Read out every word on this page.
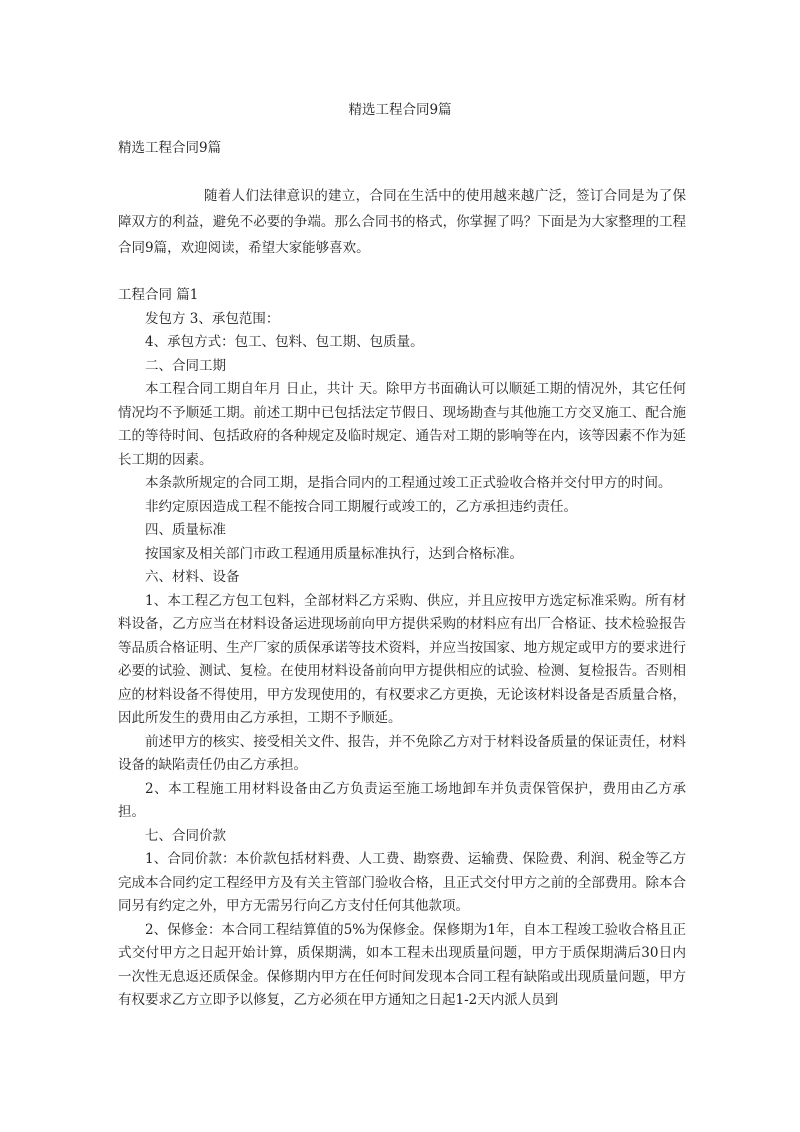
精选工程合同9篇
精选工程合同9篇
随着人们法律意识的建立，合同在生活中的使用越来越广泛，签订合同是为了保障双方的利益，避免不必要的争端。那么合同书的格式，你掌握了吗？下面是为大家整理的工程合同9篇，欢迎阅读，希望大家能够喜欢。

工程合同 篇1

发包方 3、承包范围：

4、承包方式：包工、包料、包工期、包质量。

二、合同工期

本工程合同工期自年月 日止，共计 天。除甲方书面确认可以顺延工期的情况外，其它任何情况均不予顺延工期。前述工期中已包括法定节假日、现场勘查与其他施工方交叉施工、配合施工的等待时间、包括政府的各种规定及临时规定、通告对工期的影响等在内，该等因素不作为延长工期的因素。

本条款所规定的合同工期，是指合同内的工程通过竣工正式验收合格并交付甲方的时间。

非约定原因造成工程不能按合同工期履行或竣工的，乙方承担违约责任。

四、质量标准

按国家及相关部门市政工程通用质量标准执行，达到合格标准。

六、材料、设备

1、本工程乙方包工包料，全部材料乙方采购、供应，并且应按甲方选定标准采购。所有材料设备，乙方应当在材料设备运进现场前向甲方提供采购的材料应有出厂合格证、技术检验报告等品质合格证明、生产厂家的质保承诺等技术资料，并应当按国家、地方规定或甲方的要求进行必要的试验、测试、复检。在使用材料设备前向甲方提供相应的试验、检测、复检报告。否则相应的材料设备不得使用，甲方发现使用的，有权要求乙方更换，无论该材料设备是否质量合格，因此所发生的费用由乙方承担，工期不予顺延。

前述甲方的核实、接受相关文件、报告，并不免除乙方对于材料设备质量的保证责任，材料设备的缺陷责任仍由乙方承担。

2、本工程施工用材料设备由乙方负责运至施工场地卸车并负责保管保护，费用由乙方承担。

七、合同价款

1、合同价款：本价款包括材料费、人工费、勘察费、运输费、保险费、利润、税金等乙方完成本合同约定工程经甲方及有关主管部门验收合格，且正式交付甲方之前的全部费用。除本合同另有约定之外，甲方无需另行向乙方支付任何其他款项。

2、保修金：本合同工程结算值的5%为保修金。保修期为1年，自本工程竣工验收合格且正式交付甲方之日起开始计算，质保期满，如本工程未出现质量问题，甲方于质保期满后30日内一次性无息返还质保金。保修期内甲方在任何时间发现本合同工程有缺陷或出现质量问题，甲方有权要求乙方立即予以修复，乙方必须在甲方通知之日起1-2天内派人员到
